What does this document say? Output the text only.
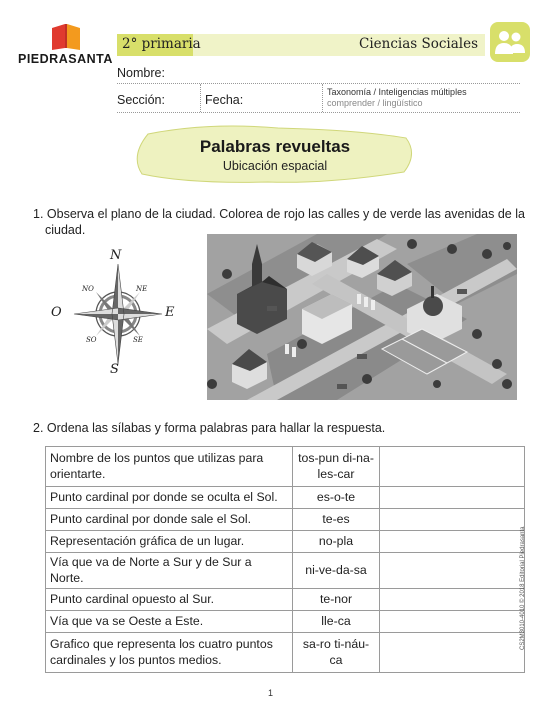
PIEDRASANTA
2° primaria	Ciencias Sociales
Nombre:
Sección:	Fecha:
Taxonomía / Inteligencias múltiples
comprender / lingüístico
Palabras revueltas
Ubicación espacial
1. Observa el plano de la ciudad. Colorea de rojo las calles y de verde las avenidas de la
ciudad.
N
S
E
O
NE
NO
SE
SO
2. Ordena las sílabas y forma palabras para hallar la respuesta.
Nombre de los puntos que utilizas para orientarte.	tos-pun di-na-les-car	
Punto cardinal por donde se oculta el Sol.	es-o-te	
Punto cardinal por donde sale el Sol.	te-es	
Representación gráfica de un lugar.	no-pla	
Vía que va de Norte a Sur y de Sur a Norte.	ni-ve-da-sa	
Punto cardinal opuesto al Sur.	te-nor	
Vía que va se Oeste a Este.	lle-ca	
Grafico que representa los cuatro puntos cardinales y los puntos medios.	sa-ro ti-náu-ca	
CS2M3010-4010 © 2018 Editorial Piedrasanta
1
